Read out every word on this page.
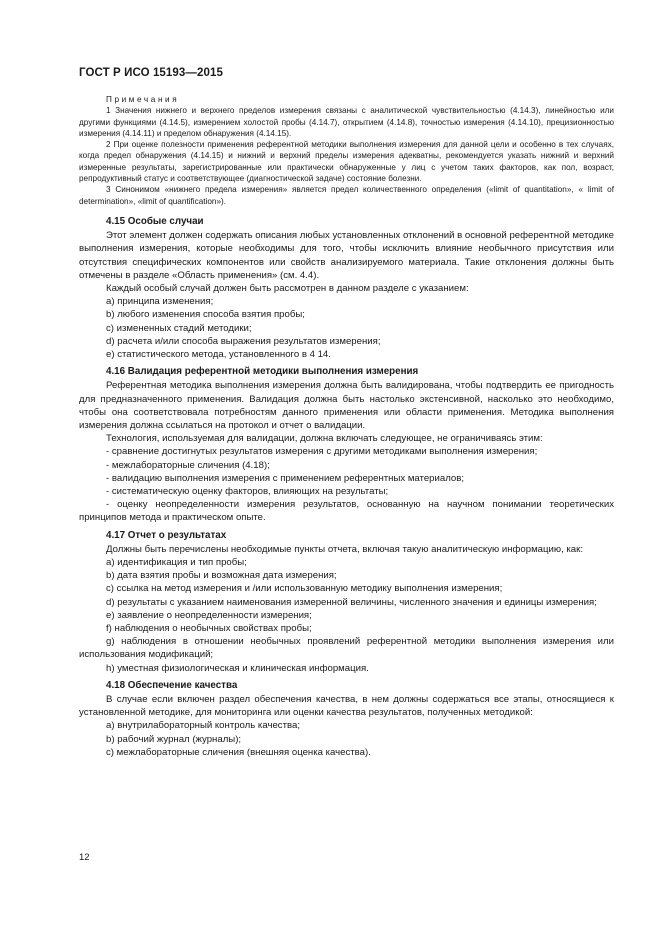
ГОСТ Р ИСО 15193—2015
Примечания

1 Значения нижнего и верхнего пределов измерения связаны с аналитической чувствительностью (4.14.3), линейностью или другими функциями (4.14.5), измерением холостой пробы (4.14.7), открытием (4.14.8), точностью измерения (4.14.10), прецизионностью измерения (4.14.11) и пределом обнаружения (4.14.15).

2 При оценке полезности применения референтной методики выполнения измерения для данной цели и особенно в тех случаях, когда предел обнаружения (4.14.15) и нижний и верхний пределы измерения адекватны, рекомендуется указать нижний и верхний измеренные результаты, зарегистрированные или практически обнаруженные у лиц с учетом таких факторов, как пол, возраст, репродуктивный статус и соответствующее (диагностической задаче) состояние болезни.

3 Синонимом «нижнего предела измерения» является предел количественного определения («limit of quantitation», « limit of determination», «limit of quantification»).

4.15 Особые случаи

Этот элемент должен содержать описания любых установленных отклонений в основной референтной методике выполнения измерения, которые необходимы для того, чтобы исключить влияние необычного присутствия или отсутствия специфических компонентов или свойств анализируемого материала. Такие отклонения должны быть отмечены в разделе «Область применения» (см. 4.4).

Каждый особый случай должен быть рассмотрен в данном разделе с указанием:

a) принципа изменения;

b) любого изменения способа взятия пробы;

c) измененных стадий методики;

d) расчета и/или способа выражения результатов измерения;

e) статистического метода, установленного в 4 14.

4.16 Валидация референтной методики выполнения измерения

Референтная методика выполнения измерения должна быть валидирована, чтобы подтвердить ее пригодность для предназначенного применения. Валидация должна быть настолько экстенсивной, насколько это необходимо, чтобы она соответствовала потребностям данного применения или области применения. Методика выполнения измерения должна ссылаться на протокол и отчет о валидации.

Технология, используемая для валидации, должна включать следующее, не ограничиваясь этим:

- сравнение достигнутых результатов измерения с другими методиками выполнения измерения;

- межлабораторные сличения (4.18);

- валидацию выполнения измерения с применением референтных материалов;

- систематическую оценку факторов, влияющих на результаты;

- оценку неопределенности измерения результатов, основанную на научном понимании теоретических принципов метода и практическом опыте.

4.17 Отчет о результатах

Должны быть перечислены необходимые пункты отчета, включая такую аналитическую информацию, как:

a) идентификация и тип пробы;

b) дата взятия пробы и возможная дата измерения;

c) ссылка на метод измерения и /или использованную методику выполнения измерения;

d) результаты с указанием наименования измеренной величины, численного значения и единицы измерения;

e) заявление о неопределенности измерения;

f) наблюдения о необычных свойствах пробы;

g) наблюдения в отношении необычных проявлений референтной методики выполнения измерения или использования модификаций;

h) уместная физиологическая и клиническая информация.

4.18 Обеспечение качества

В случае если включен раздел обеспечения качества, в нем должны содержаться все этапы, относящиеся к установленной методике, для мониторинга или оценки качества результатов, полученных методикой:

a) внутрилабораторный контроль качества;

b) рабочий журнал (журналы);

c) межлабораторные сличения (внешняя оценка качества).

12
